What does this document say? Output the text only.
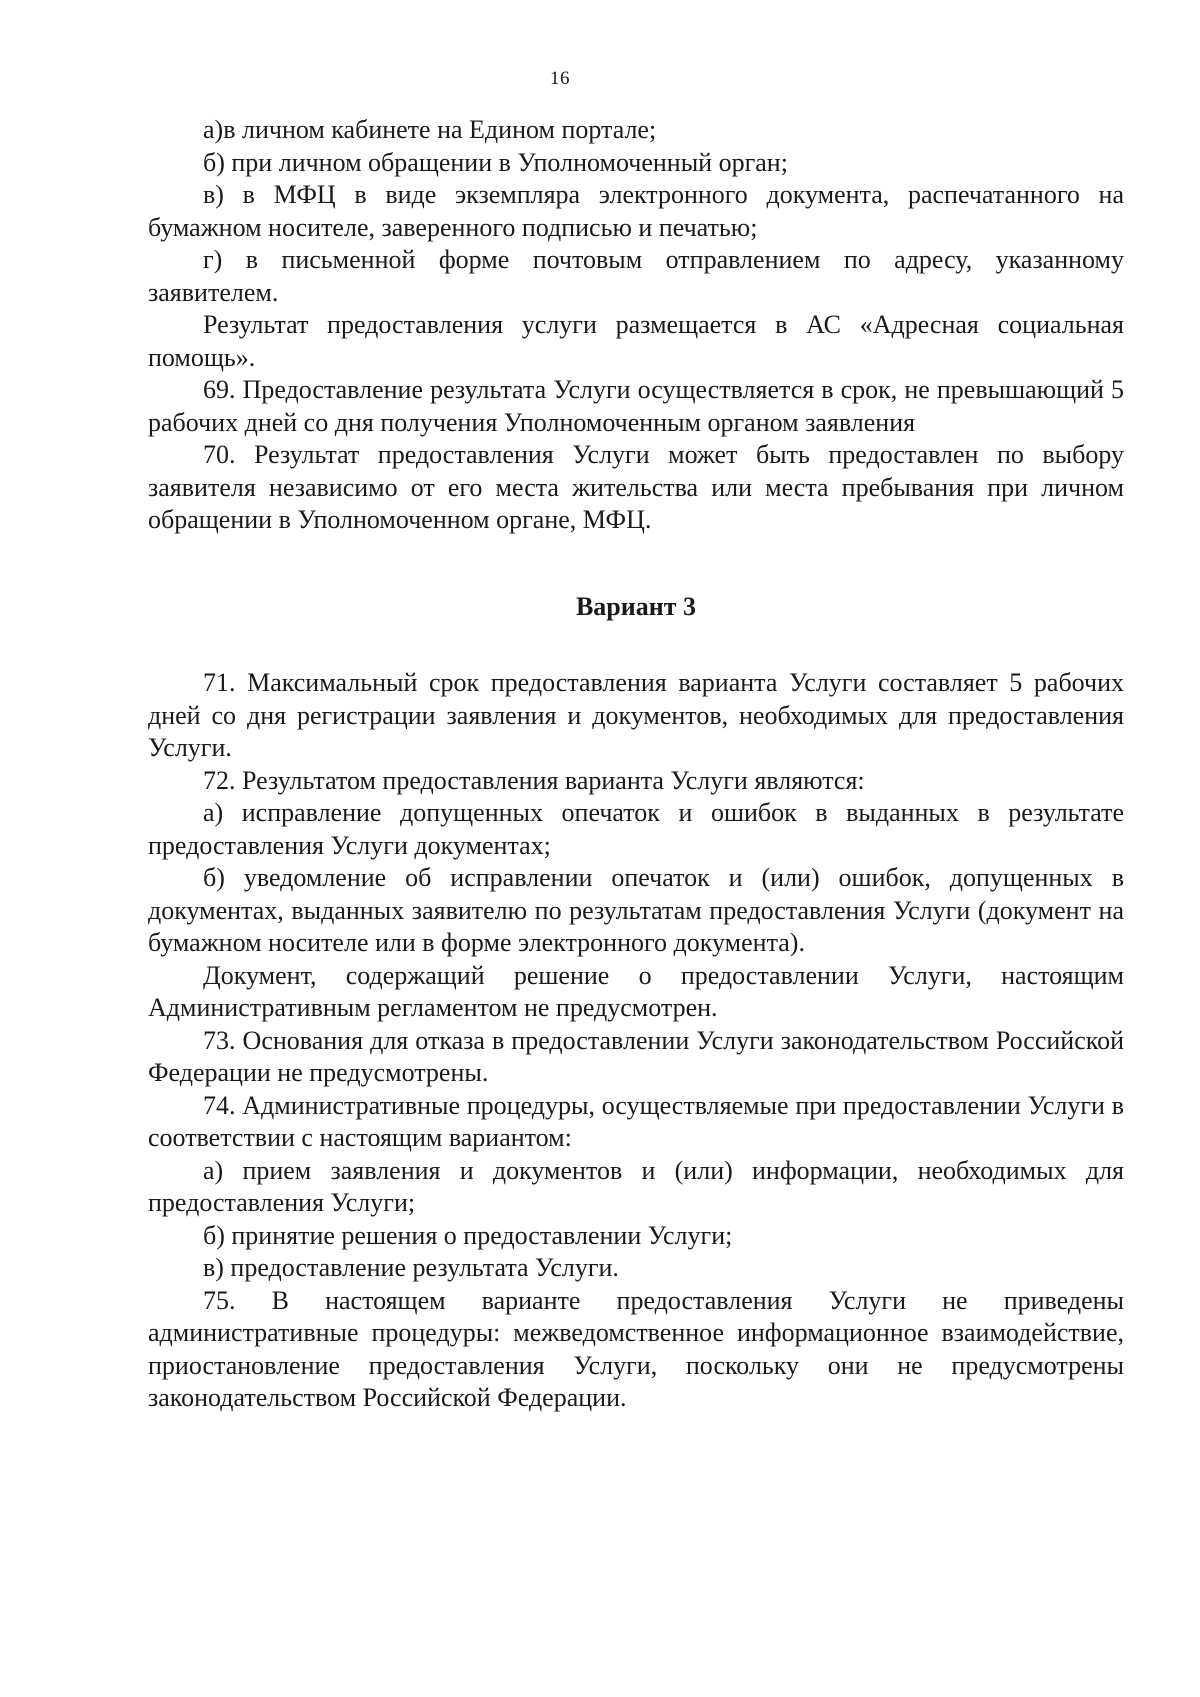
16

а)в личном кабинете на Едином портале;

б) при личном обращении в Уполномоченный орган;

в) в МФЦ в виде экземпляра электронного документа, распечатанного на бумажном носителе, заверенного подписью и печатью;

г) в письменной форме почтовым отправлением по адресу, указанному заявителем.

Результат предоставления услуги размещается в АС «Адресная социальная помощь».

69. Предоставление результата Услуги осуществляется в срок, не превышающий 5 рабочих дней со дня получения Уполномоченным органом заявления

70. Результат предоставления Услуги может быть предоставлен по выбору заявителя независимо от его места жительства или места пребывания при личном обращении в Уполномоченном органе, МФЦ.

Вариант 3

71. Максимальный срок предоставления варианта Услуги составляет 5 рабочих дней со дня регистрации заявления и документов, необходимых для предоставления Услуги.

72. Результатом предоставления варианта Услуги являются:

а) исправление допущенных опечаток и ошибок в выданных в результате предоставления Услуги документах;

б) уведомление об исправлении опечаток и (или) ошибок, допущенных в документах, выданных заявителю по результатам предоставления Услуги (документ на бумажном носителе или в форме электронного документа).

Документ, содержащий решение о предоставлении Услуги, настоящим Административным регламентом не предусмотрен.

73. Основания для отказа в предоставлении Услуги законодательством Российской Федерации не предусмотрены.

74. Административные процедуры, осуществляемые при предоставлении Услуги в соответствии с настоящим вариантом:

а) прием заявления и документов и (или) информации, необходимых для предоставления Услуги;

б) принятие решения о предоставлении Услуги;

в) предоставление результата Услуги.

75. В настоящем варианте предоставления Услуги не приведены административные процедуры: межведомственное информационное взаимодействие, приостановление предоставления Услуги, поскольку они не предусмотрены законодательством Российской Федерации.
